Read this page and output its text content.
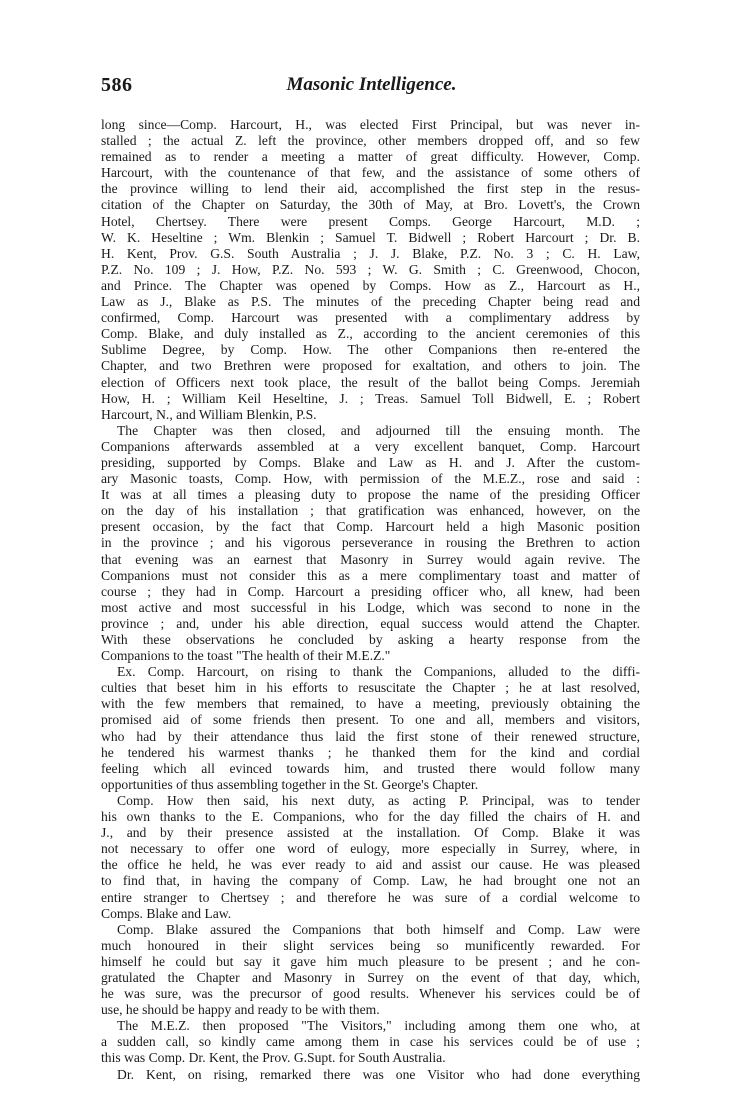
586	Masonic Intelligence.
long since—Comp. Harcourt, H., was elected First Principal, but was never in-
stalled ; the actual Z. left the province, other members dropped off, and so few
remained as to render a meeting a matter of great difficulty. However, Comp.
Harcourt, with the countenance of that few, and the assistance of some others of
the province willing to lend their aid, accomplished the first step in the resus-
citation of the Chapter on Saturday, the 30th of May, at Bro. Lovett's, the Crown
Hotel, Chertsey. There were present Comps. George Harcourt, M.D. ;
W. K. Heseltine ; Wm. Blenkin ; Samuel T. Bidwell ; Robert Harcourt ; Dr. B.
H. Kent, Prov. G.S. South Australia ; J. J. Blake, P.Z. No. 3 ; C. H. Law,
P.Z. No. 109 ; J. How, P.Z. No. 593 ; W. G. Smith ; C. Greenwood, Chocon,
and Prince. The Chapter was opened by Comps. How as Z., Harcourt as H.,
Law as J., Blake as P.S. The minutes of the preceding Chapter being read and
confirmed, Comp. Harcourt was presented with a complimentary address by
Comp. Blake, and duly installed as Z., according to the ancient ceremonies of this
Sublime Degree, by Comp. How. The other Companions then re-entered the
Chapter, and two Brethren were proposed for exaltation, and others to join. The
election of Officers next took place, the result of the ballot being Comps. Jeremiah
How, H. ; William Keil Heseltine, J. ; Treas. Samuel Toll Bidwell, E. ; Robert
Harcourt, N., and William Blenkin, P.S.
The Chapter was then closed, and adjourned till the ensuing month. The
Companions afterwards assembled at a very excellent banquet, Comp. Harcourt
presiding, supported by Comps. Blake and Law as H. and J. After the custom-
ary Masonic toasts, Comp. How, with permission of the M.E.Z., rose and said :
It was at all times a pleasing duty to propose the name of the presiding Officer
on the day of his installation ; that gratification was enhanced, however, on the
present occasion, by the fact that Comp. Harcourt held a high Masonic position
in the province ; and his vigorous perseverance in rousing the Brethren to action
that evening was an earnest that Masonry in Surrey would again revive. The
Companions must not consider this as a mere complimentary toast and matter of
course ; they had in Comp. Harcourt a presiding officer who, all knew, had been
most active and most successful in his Lodge, which was second to none in the
province ; and, under his able direction, equal success would attend the Chapter.
With these observations he concluded by asking a hearty response from the
Companions to the toast "The health of their M.E.Z."
Ex. Comp. Harcourt, on rising to thank the Companions, alluded to the diffi-
culties that beset him in his efforts to resuscitate the Chapter ; he at last resolved,
with the few members that remained, to have a meeting, previously obtaining the
promised aid of some friends then present. To one and all, members and visitors,
who had by their attendance thus laid the first stone of their renewed structure,
he tendered his warmest thanks ; he thanked them for the kind and cordial
feeling which all evinced towards him, and trusted there would follow many
opportunities of thus assembling together in the St. George's Chapter.
Comp. How then said, his next duty, as acting P. Principal, was to tender
his own thanks to the E. Companions, who for the day filled the chairs of H. and
J., and by their presence assisted at the installation. Of Comp. Blake it was
not necessary to offer one word of eulogy, more especially in Surrey, where, in
the office he held, he was ever ready to aid and assist our cause. He was pleased
to find that, in having the company of Comp. Law, he had brought one not an
entire stranger to Chertsey ; and therefore he was sure of a cordial welcome to
Comps. Blake and Law.
Comp. Blake assured the Companions that both himself and Comp. Law were
much honoured in their slight services being so munificently rewarded. For
himself he could but say it gave him much pleasure to be present ; and he con-
gratulated the Chapter and Masonry in Surrey on the event of that day, which,
he was sure, was the precursor of good results. Whenever his services could be of
use, he should be happy and ready to be with them.
The M.E.Z. then proposed "The Visitors," including among them one who, at
a sudden call, so kindly came among them in case his services could be of use ;
this was Comp. Dr. Kent, the Prov. G.Supt. for South Australia.
Dr. Kent, on rising, remarked there was one Visitor who had done everything
